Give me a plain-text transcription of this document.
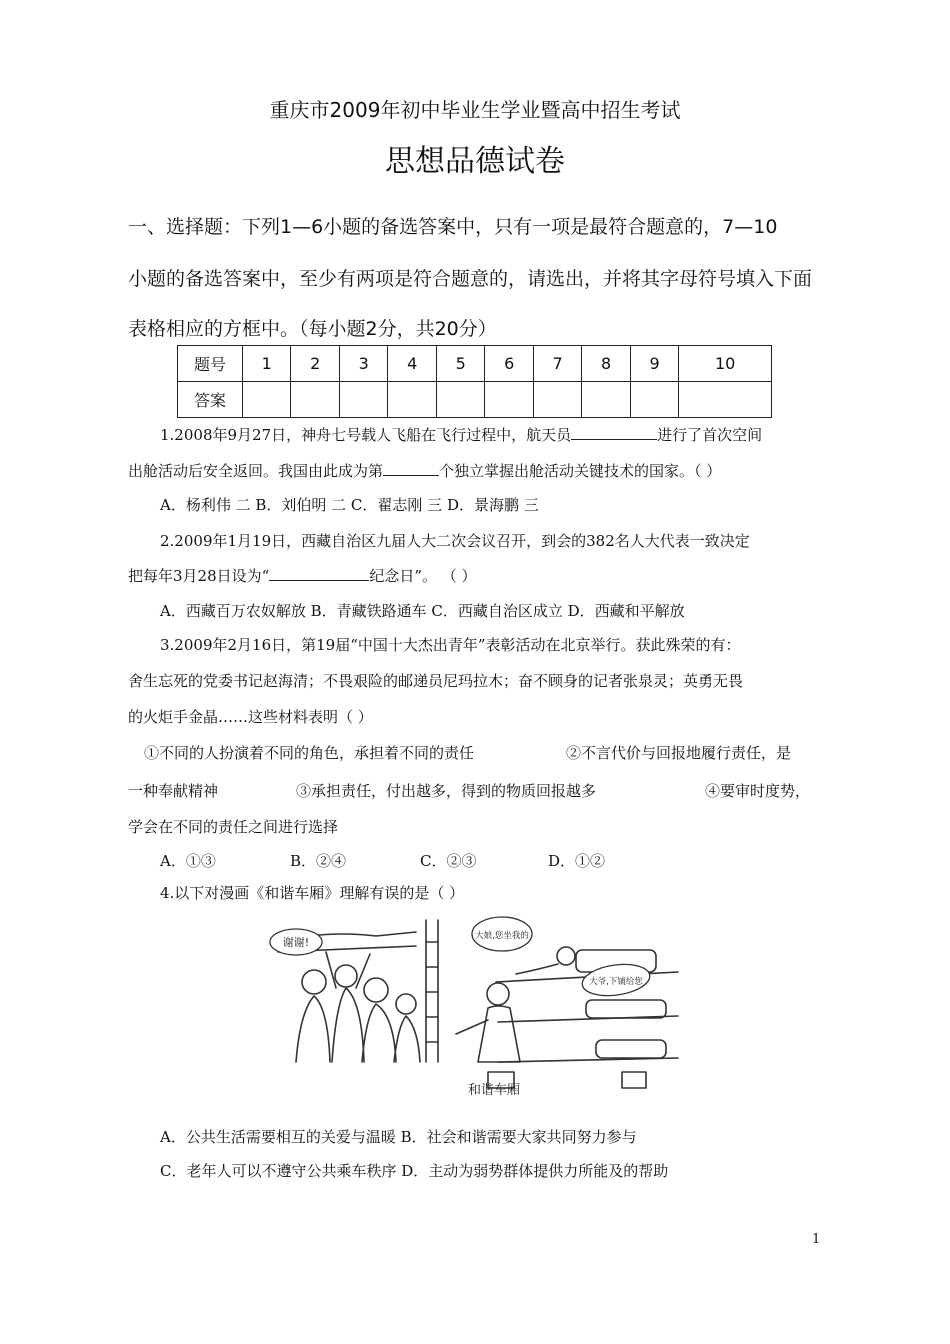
重庆市2009年初中毕业生学业暨高中招生考试
思想品德试卷
一、选择题：下列1—6小题的备选答案中，只有一项是最符合题意的，7—10
小题的备选答案中，至少有两项是符合题意的，请选出，并将其字母符号填入下面
表格相应的方框中。（每小题2分，共20分）
题号	1	2	3	4	5	6	7	8	9	10
答案										
1.2008年9月27日，神舟七号载人飞船在飞行过程中，航天员	进行了首次空间
出舱活动后安全返回。我国由此成为第	个独立掌握出舱活动关键技术的国家。（ ）
A．杨利伟 二 B．刘伯明 二 C．翟志刚 三 D．景海鹏 三
2.2009年1月19日，西藏自治区九届人大二次会议召开，到会的382名人大代表一致决定
把每年3月28日设为“	纪念日”。 （ ）
A．西藏百万农奴解放 B．青藏铁路通车 C．西藏自治区成立 D．西藏和平解放
3.2009年2月16日，第19届“中国十大杰出青年”表彰活动在北京举行。获此殊荣的有：
舍生忘死的党委书记赵海清；不畏艰险的邮递员尼玛拉木；奋不顾身的记者张泉灵；英勇无畏
的火炬手金晶……这些材料表明（ ）
①不同的人扮演着不同的角色，承担着不同的责任	②不言代价与回报地履行责任，是
一种奉献精神	③承担责任，付出越多，得到的物质回报越多	④要审时度势，
学会在不同的责任之间进行选择
A．①③	B．②④	C．②③	D．①②
4.以下对漫画《和谐车厢》理解有误的是（ ）
谢谢!	大娘,您坐我的
大爷,下铺给您
和谐车厢
A．公共生活需要相互的关爱与温暖 B．社会和谐需要大家共同努力参与
C．老年人可以不遵守公共乘车秩序 D．主动为弱势群体提供力所能及的帮助
1
